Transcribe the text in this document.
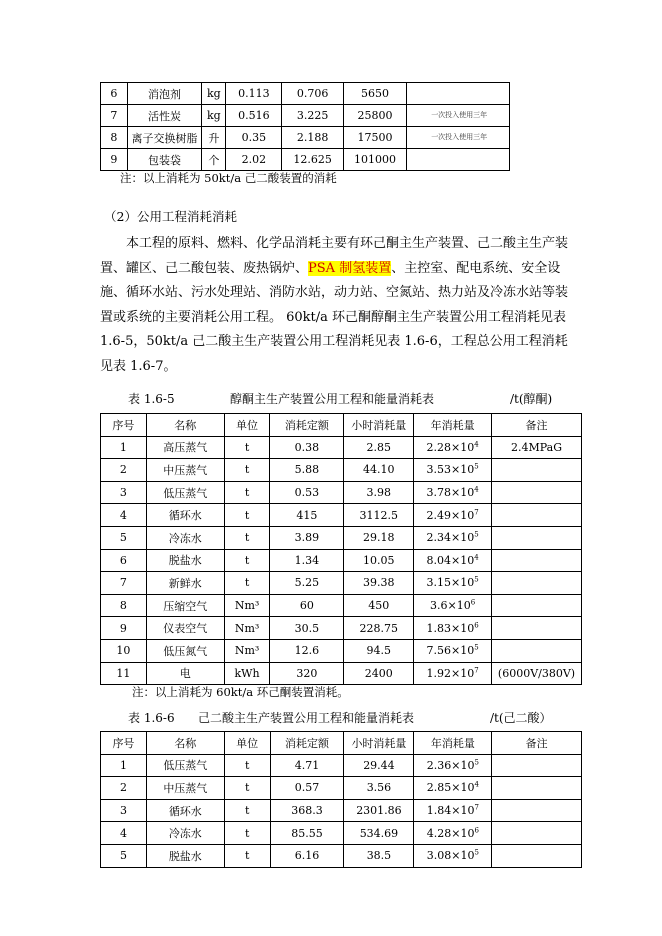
6	消泡剂	kg	0.113	0.706	5650	
7	活性炭	kg	0.516	3.225	25800	一次投入使用三年
8	离子交换树脂	升	0.35	2.188	17500	一次投入使用三年
9	包装袋	个	2.02	12.625	101000	
注：以上消耗为 50kt/a 己二酸装置的消耗
（2）公用工程消耗消耗

本工程的原料、燃料、化学品消耗主要有环己酮主生产装置、己二酸主生产装置、罐区、己二酸包装、废热锅炉、PSA 制氢装置、主控室、配电系统、安全设施、循环水站、污水处理站、消防水站，动力站、空氮站、热力站及冷冻水站等装置或系统的主要消耗公用工程。 60kt/a 环己酮醇酮主生产装置公用工程消耗见表 1.6-5，50kt/a 己二酸主生产装置公用工程消耗见表 1.6-6，工程总公用工程消耗见表 1.6-7。

表 1.6-5	醇酮主生产装置公用工程和能量消耗表	/t(醇酮)
序号	名称	单位	消耗定额	小时消耗量	年消耗量	备注
1	高压蒸气	t	0.38	2.85	$2.28\times 10^4$	2.4MPaG
2	中压蒸气	t	5.88	44.10	$3.53\times 10^5$	
3	低压蒸气	t	0.53	3.98	$3.78\times 10^4$	
4	循环水	t	415	3112.5	$2.49\times 10^7$	
5	冷冻水	t	3.89	29.18	$2.34\times 10^5$	
6	脱盐水	t	1.34	10.05	$8.04\times 10^4$	
7	新鲜水	t	5.25	39.38	$3.15\times 10^5$	
8	压缩空气	Nm³	60	450	$3.6\times 10^6$	
9	仪表空气	Nm³	30.5	228.75	$1.83\times 10^6$	
10	低压氮气	Nm³	12.6	94.5	$7.56\times 10^5$	
11	电	kWh	320	2400	$1.92\times 10^7$	(6000V/380V)
注：以上消耗为 60kt/a 环己酮装置消耗。
表 1.6-6 己二酸主生产装置公用工程和能量消耗表	/t(己二酸）
序号	名称	单位	消耗定额	小时消耗量	年消耗量	备注
1	低压蒸气	t	4.71	29.44	$2.36\times 10^5$	
2	中压蒸气	t	0.57	3.56	$2.85\times 10^4$	
3	循环水	t	368.3	2301.86	$1.84\times 10^7$	
4	冷冻水	t	85.55	534.69	$4.28\times 10^6$	
5	脱盐水	t	6.16	38.5	$3.08\times 10^5$	
